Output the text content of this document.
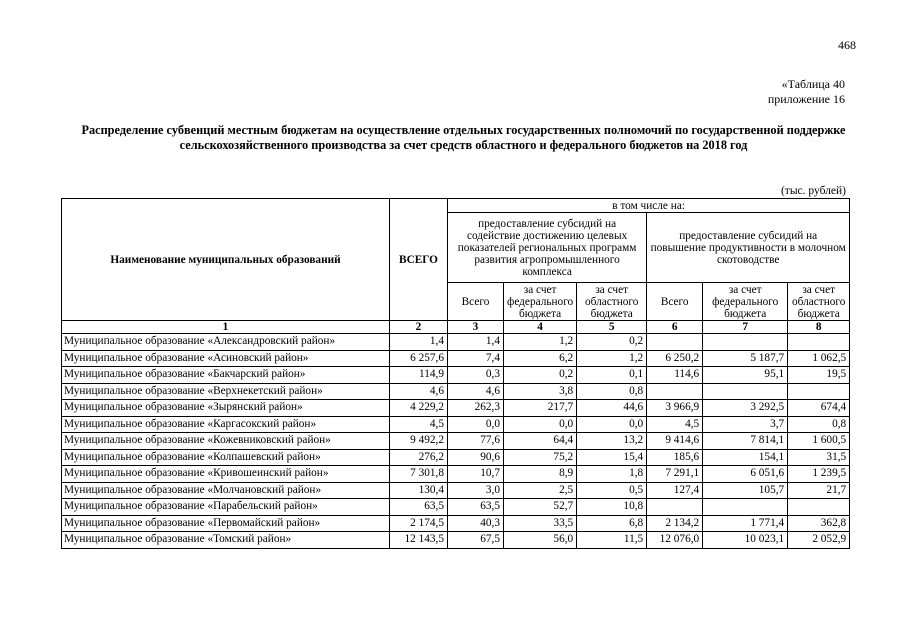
468
«Таблица 40
приложение 16
Распределение субвенций местным бюджетам на осуществление отдельных государственных полномочий по государственной поддержке сельскохозяйственного производства за счет средств областного и федерального бюджетов на 2018 год
(тыс. рублей)
Наименование муниципальных образований	ВСЕГО	в том числе на:					
		предоставление субсидий на содействие достижению целевых показателей региональных программ развития агропромышленного комплекса			предоставление субсидий на повышение продуктивности в молочном скотоводстве		
		Всего	за счет федерального бюджета	за счет областного бюджета	Всего	за счет федерального бюджета	за счет областного бюджета
1	2	3	4	5	6	7	8
Муниципальное образование «Александровский район»	1,4	1,4	1,2	0,2			
Муниципальное образование «Асиновский район»	6 257,6	7,4	6,2	1,2	6 250,2	5 187,7	1 062,5
Муниципальное образование «Бакчарский район»	114,9	0,3	0,2	0,1	114,6	95,1	19,5
Муниципальное образование «Верхнекетский район»	4,6	4,6	3,8	0,8			
Муниципальное образование «Зырянский район»	4 229,2	262,3	217,7	44,6	3 966,9	3 292,5	674,4
Муниципальное образование «Каргасокский район»	4,5	0,0	0,0	0,0	4,5	3,7	0,8
Муниципальное образование «Кожевниковский район»	9 492,2	77,6	64,4	13,2	9 414,6	7 814,1	1 600,5
Муниципальное образование «Колпашевский район»	276,2	90,6	75,2	15,4	185,6	154,1	31,5
Муниципальное образование «Кривошеинский район»	7 301,8	10,7	8,9	1,8	7 291,1	6 051,6	1 239,5
Муниципальное образование «Молчановский район»	130,4	3,0	2,5	0,5	127,4	105,7	21,7
Муниципальное образование «Парабельский район»	63,5	63,5	52,7	10,8			
Муниципальное образование «Первомайский район»	2 174,5	40,3	33,5	6,8	2 134,2	1 771,4	362,8
Муниципальное образование «Томский район»	12 143,5	67,5	56,0	11,5	12 076,0	10 023,1	2 052,9
